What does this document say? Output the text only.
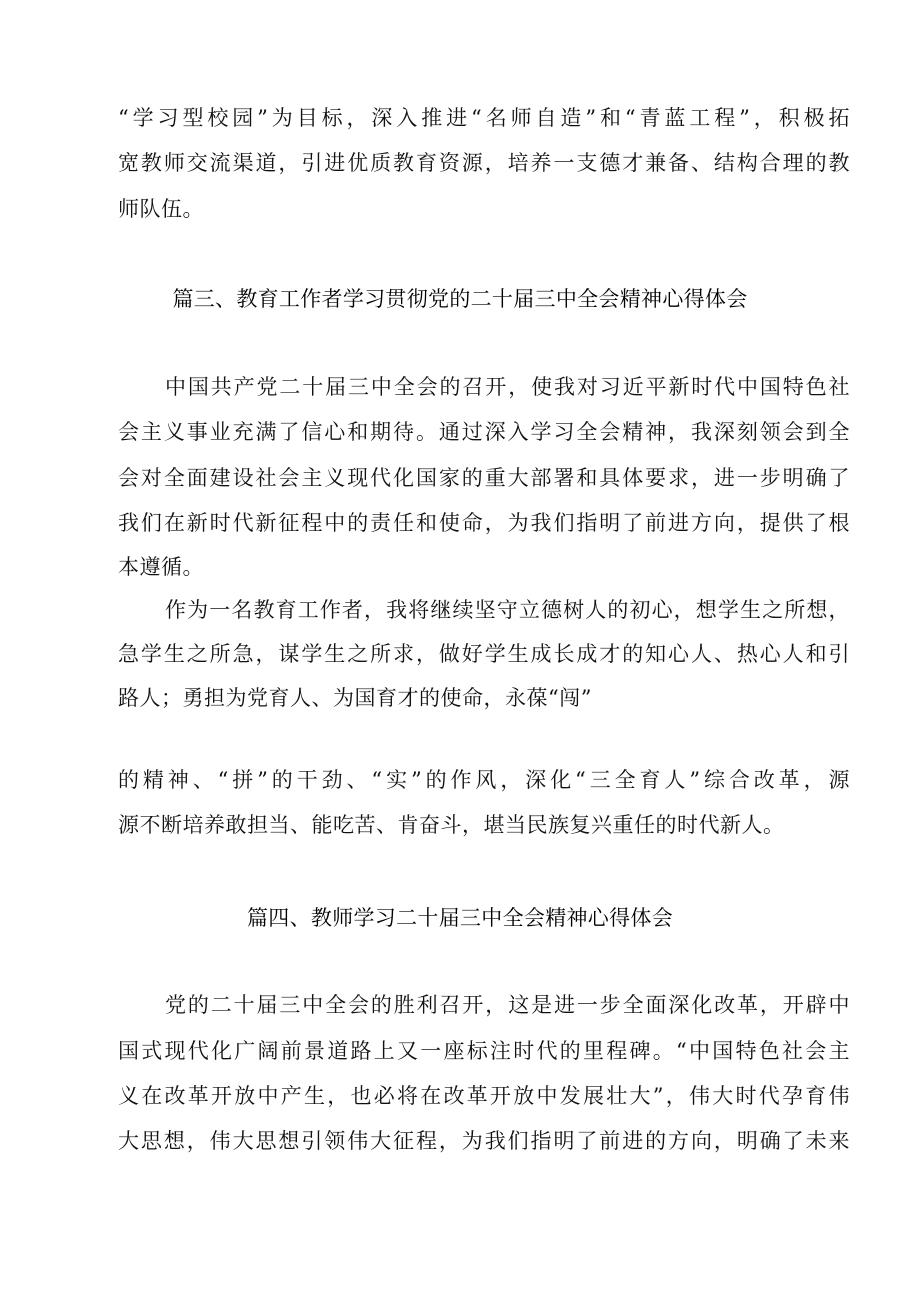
“学习型校园”为目标，深入推进“名师自造”和“青蓝工程”，积极拓
宽教师交流渠道，引进优质教育资源，培养一支德才兼备、结构合理的教
师队伍。
篇三、教育工作者学习贯彻党的二十届三中全会精神心得体会
中国共产党二十届三中全会的召开，使我对习近平新时代中国特色社
会主义事业充满了信心和期待。通过深入学习全会精神，我深刻领会到全
会对全面建设社会主义现代化国家的重大部署和具体要求，进一步明确了
我们在新时代新征程中的责任和使命，为我们指明了前进方向，提供了根
本遵循。
作为一名教育工作者，我将继续坚守立德树人的初心，想学生之所想，
急学生之所急，谋学生之所求，做好学生成长成才的知心人、热心人和引
路人；勇担为党育人、为国育才的使命，永葆“闯”
的精神、“拼”的干劲、“实”的作风，深化“三全育人”综合改革，源
源不断培养敢担当、能吃苦、肯奋斗，堪当民族复兴重任的时代新人。
篇四、教师学习二十届三中全会精神心得体会
党的二十届三中全会的胜利召开，这是进一步全面深化改革，开辟中
国式现代化广阔前景道路上又一座标注时代的里程碑。“中国特色社会主
义在改革开放中产生，也必将在改革开放中发展壮大”，伟大时代孕育伟
大思想，伟大思想引领伟大征程，为我们指明了前进的方向，明确了未来
